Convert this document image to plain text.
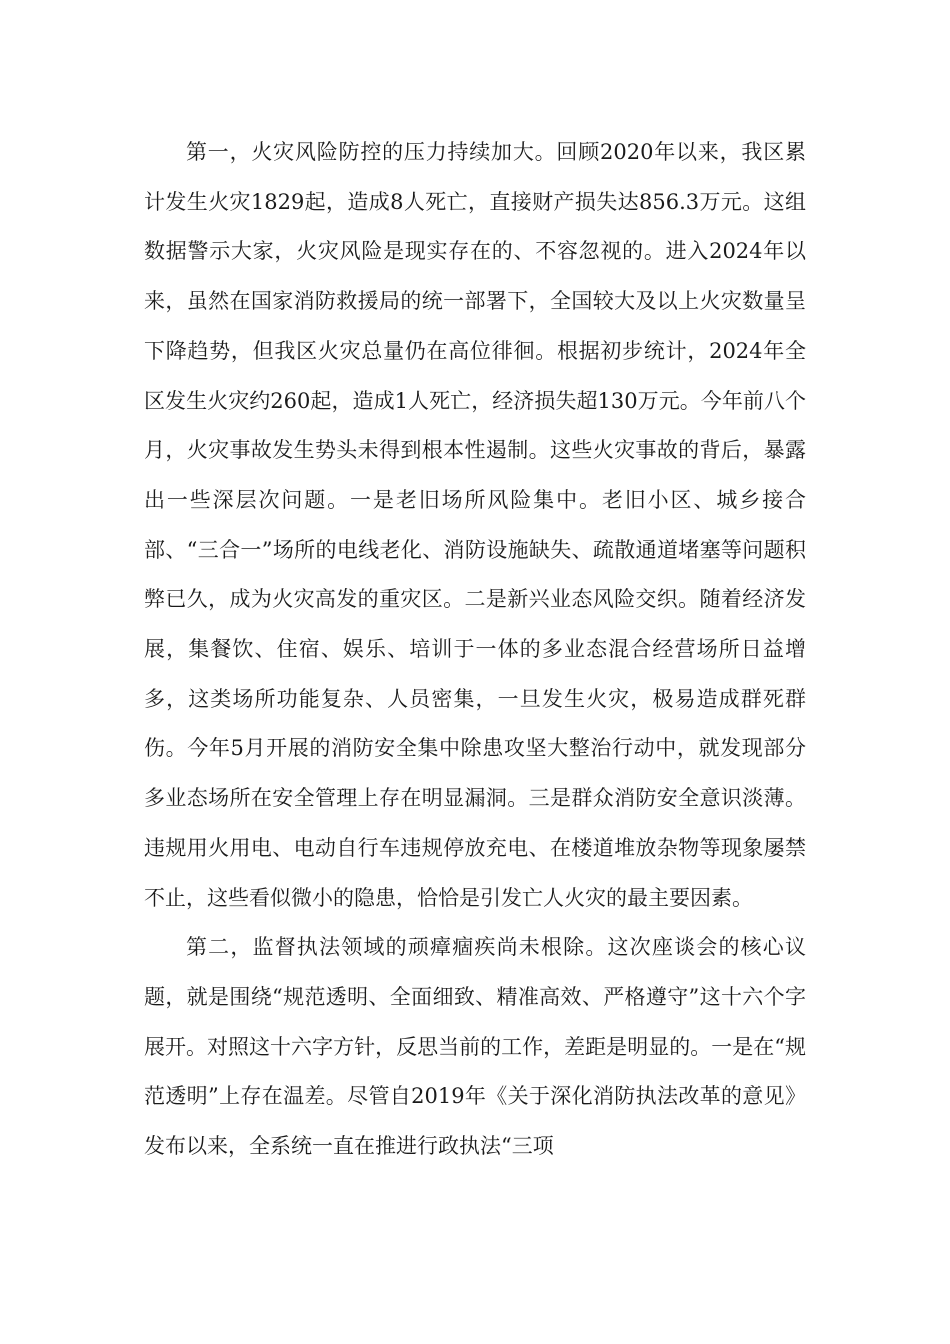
第一，火灾风险防控的压力持续加大。回顾2020年以来，我区累计发生火灾1829起，造成8人死亡，直接财产损失达856.3万元。这组数据警示大家，火灾风险是现实存在的、不容忽视的。进入2024年以来，虽然在国家消防救援局的统一部署下，全国较大及以上火灾数量呈下降趋势，但我区火灾总量仍在高位徘徊。根据初步统计，2024年全区发生火灾约260起，造成1人死亡，经济损失超130万元。今年前八个月，火灾事故发生势头未得到根本性遏制。这些火灾事故的背后，暴露出一些深层次问题。一是老旧场所风险集中。老旧小区、城乡接合部、“三合一”场所的电线老化、消防设施缺失、疏散通道堵塞等问题积弊已久，成为火灾高发的重灾区。二是新兴业态风险交织。随着经济发展，集餐饮、住宿、娱乐、培训于一体的多业态混合经营场所日益增多，这类场所功能复杂、人员密集，一旦发生火灾，极易造成群死群伤。今年5月开展的消防安全集中除患攻坚大整治行动中，就发现部分多业态场所在安全管理上存在明显漏洞。三是群众消防安全意识淡薄。违规用火用电、电动自行车违规停放充电、在楼道堆放杂物等现象屡禁不止，这些看似微小的隐患，恰恰是引发亡人火灾的最主要因素。

第二，监督执法领域的顽瘴痼疾尚未根除。这次座谈会的核心议题，就是围绕“规范透明、全面细致、精准高效、严格遵守”这十六个字展开。对照这十六字方针，反思当前的工作，差距是明显的。一是在“规范透明”上存在温差。尽管自2019年《关于深化消防执法改革的意见》发布以来，全系统一直在推进行政执法“三项
